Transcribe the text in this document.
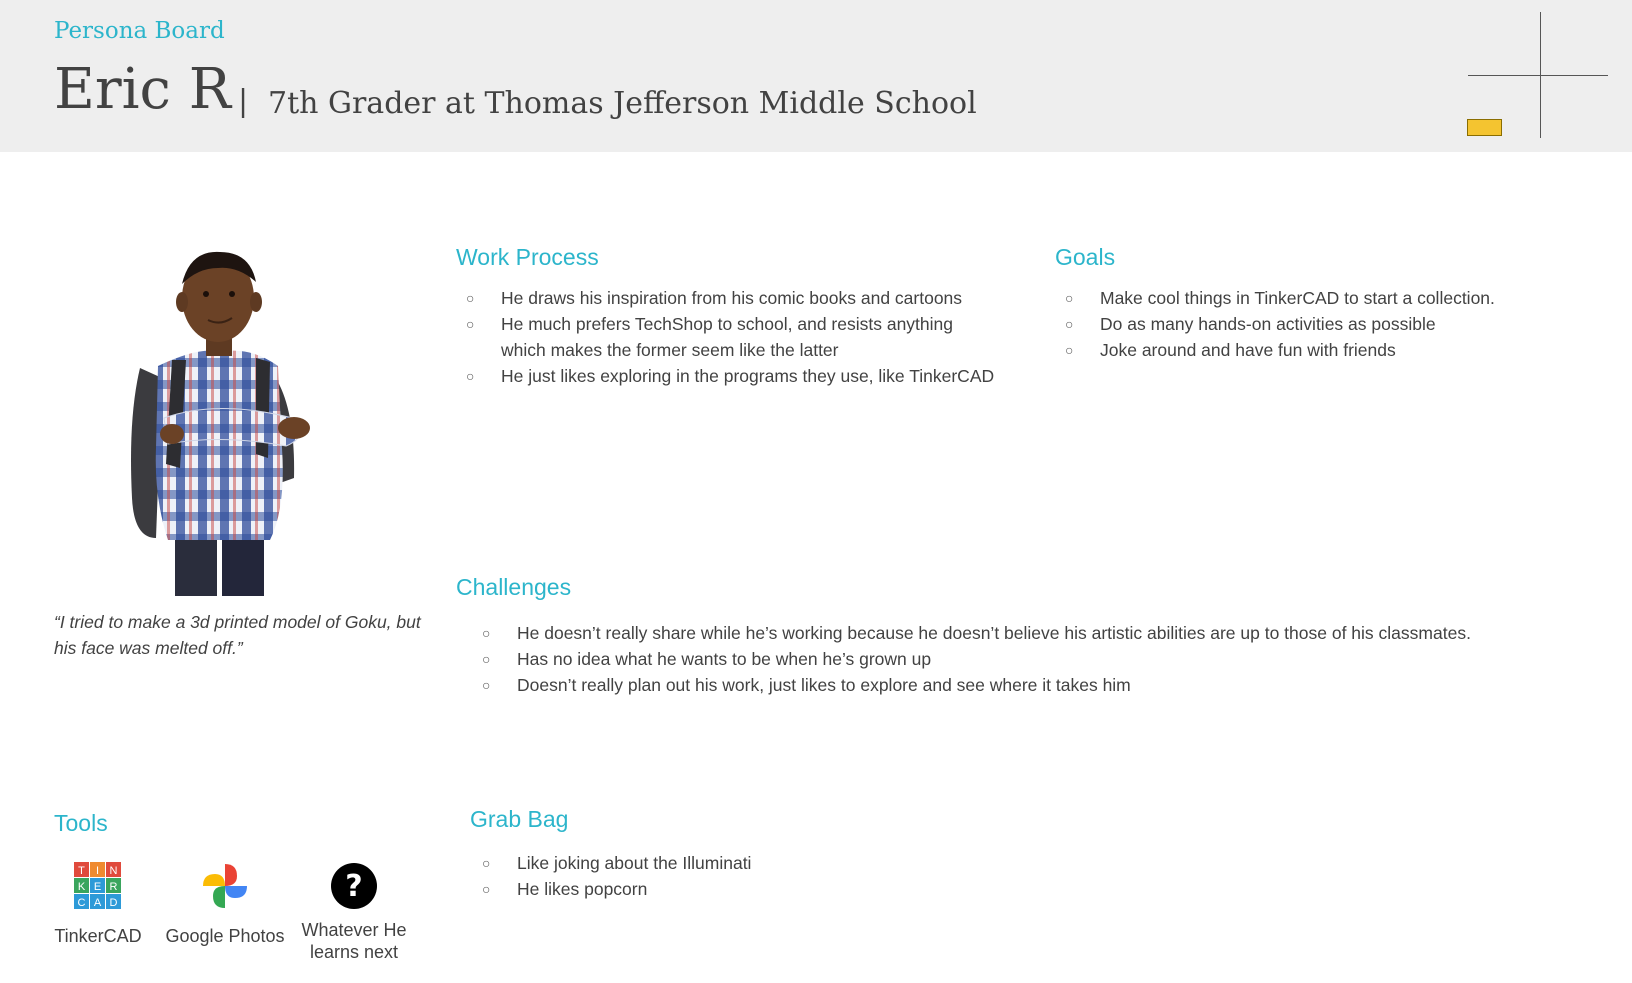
Persona Board
Eric R | 7th Grader at Thomas Jefferson Middle School
“I tried to make a 3d printed model of Goku, but his face was melted off.”
Work Process
○ He draws his inspiration from his comic books and cartoons
○ He much prefers TechShop to school, and resists anything which makes the former seem like the latter
○ He just likes exploring in the programs they use, like TinkerCAD
Goals
○ Make cool things in TinkerCAD to start a collection.
○ Do as many hands-on activities as possible
○ Joke around and have fun with friends
Challenges
○ He doesn’t really share while he’s working because he doesn’t believe his artistic abilities are up to those of his classmates.
○ Has no idea what he wants to be when he’s grown up
○ Doesn’t really plan out his work, just likes to explore and see where it takes him
Tools
T I N
K E R
C A D
TinkerCAD	Google Photos
?
Whatever He learns next
Grab Bag
○ Like joking about the Illuminati
○ He likes popcorn
